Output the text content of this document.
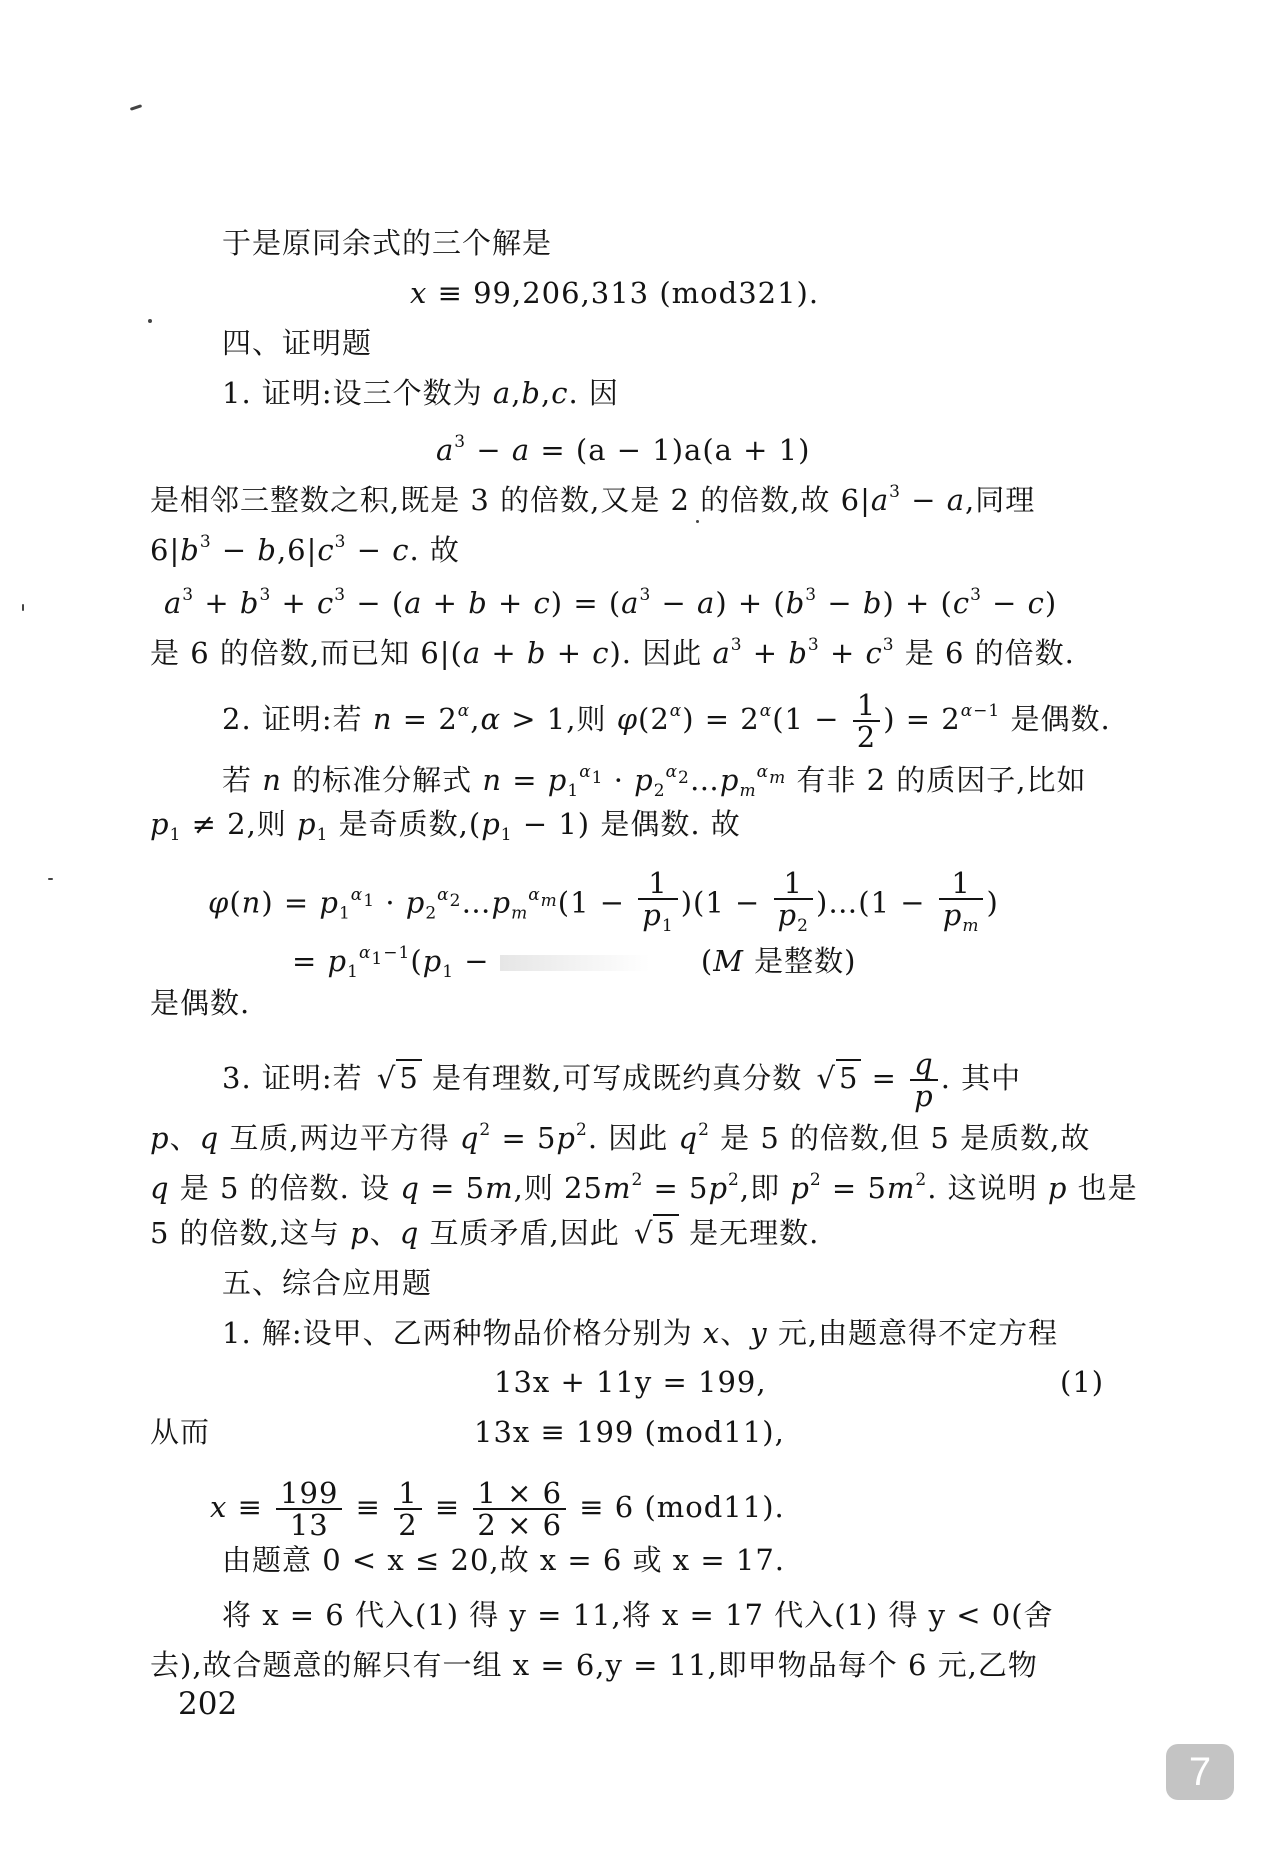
于是原同余式的三个解是
x ≡ 99,206,313 (mod321).
四、证明题
1. 证明:设三个数为 a,b,c. 因
$a^3 - a = (a - 1)a(a + 1)$
是相邻三整数之积,既是 3 的倍数,又是 2 的倍数,故 $6|a^3 - a$,同理
$6|b^3 - b,6|c^3 - c$. 故
$a^3 + b^3 + c^3 - (a + b + c) = (a^3 - a) + (b^3 - b) + (c^3 - c)$
是 6 的倍数,而已知 6|(a + b + c). 因此 $a^3 + b^3 + c^3$ 是 6 的倍数.
2. 证明:若 $n = 2^\alpha,\alpha > 1$,则 $\varphi(2^\alpha) = 2^\alpha(1 - \frac{1}{2}$ ) = $2^{\alpha-1}$ 是偶数.
若 n 的标准分解式 $n = p_1^{\alpha_1}$ · $p_2^{\alpha_2}\dots p_m^{\alpha_m}$ 有非 2 的质因子,比如
$p_1 \ne 2$,则 $p_1$ 是奇质数$,(p_1 - 1)$ 是偶数. 故
$\varphi(n) = p_1^{\alpha_1}$ · $p_2^{\alpha_2}\dots p_m^{\alpha_m}(1 - \frac{1}{p_1} )(1 - \frac{1}{p_2}$ )…(1 − $\frac{1}{p_m}$ )
= $p_1^{\alpha_1-1}(p_1$ −	(M 是整数)
是偶数.
3. 证明:若 √ 5 是有理数,可写成既约真分数 √ $5 = \frac{q}{p}$ . 其中
p、q 互质,两边平方得 $q^2 = 5p^2$. 因此 $q^2$ 是 5 的倍数,但 5 是质数,故
q 是 5 的倍数. 设 q = 5m,则 $25m^2 = 5p^2$,即 $p^2 = 5m^2$. 这说明 p 也是
5 的倍数,这与 p、q 互质矛盾,因此 √ 5 是无理数.
五、综合应用题
1. 解:设甲、乙两种物品价格分别为 x、y 元,由题意得不定方程
13x + 11y = 199,	(1)
从而	13x ≡ 199 (mod11),
$x \equiv \frac{199}{13} \equiv \frac{1}{2} \equiv \frac{1 \times 6}{2 \times 6} \equiv 6$ (mod11).
由题意 0 < x ≤ 20,故 x = 6 或 x = 17.
将 x = 6 代入(1) 得 y = 11,将 x = 17 代入(1) 得 y < 0(舍
去),故合题意的解只有一组 x = 6,y = 11,即甲物品每个 6 元,乙物
202
7
